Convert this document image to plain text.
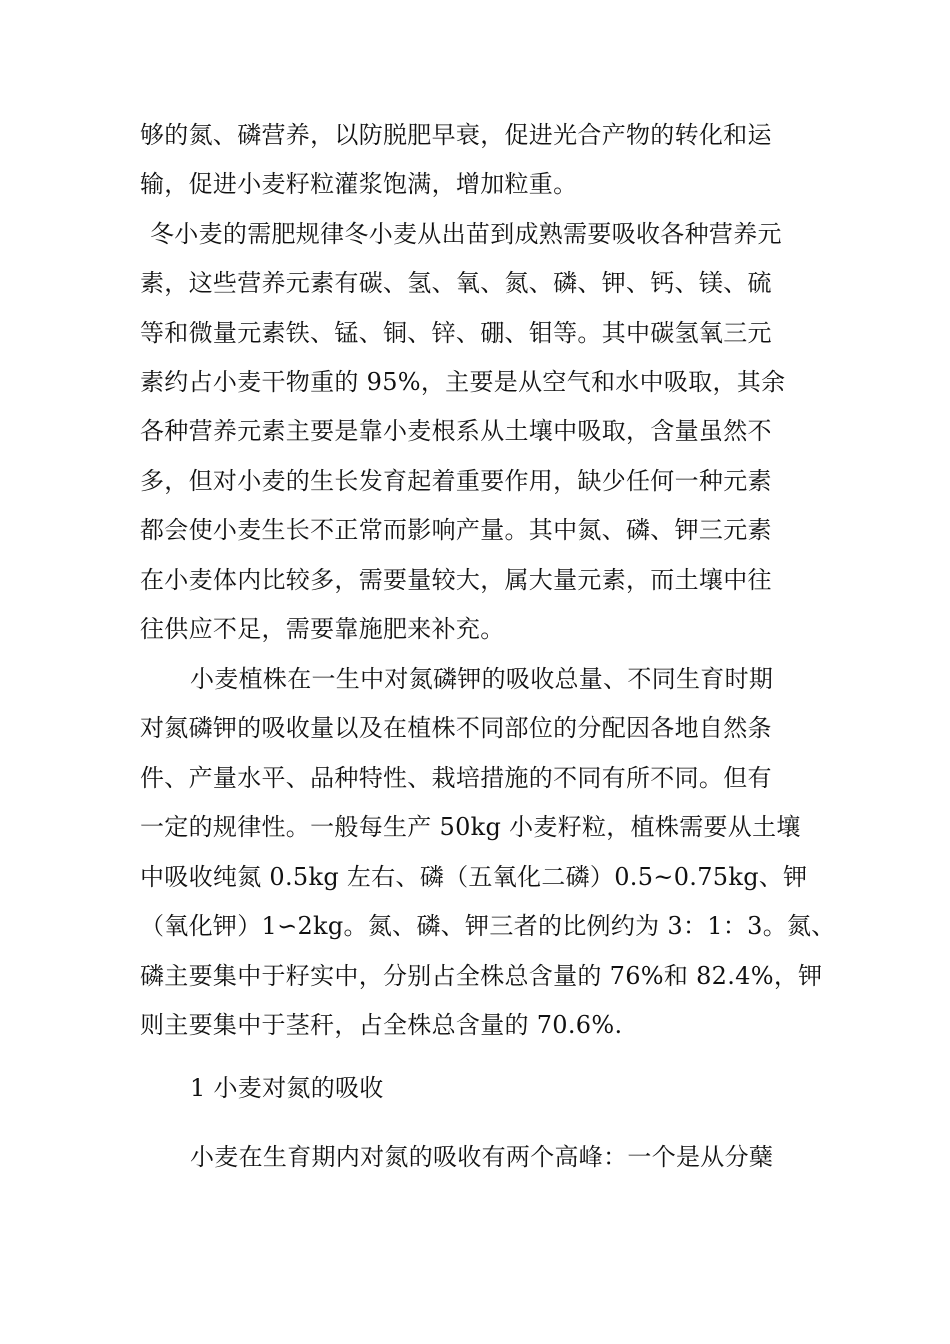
够的氮、磷营养，以防脱肥早衰，促进光合产物的转化和运
输，促进小麦籽粒灌浆饱满，增加粒重。
冬小麦的需肥规律冬小麦从出苗到成熟需要吸收各种营养元
素，这些营养元素有碳、氢、氧、氮、磷、钾、钙、镁、硫
等和微量元素铁、锰、铜、锌、硼、钼等。其中碳氢氧三元
素约占小麦干物重的 95%，主要是从空气和水中吸取，其余
各种营养元素主要是靠小麦根系从土壤中吸取，含量虽然不
多，但对小麦的生长发育起着重要作用，缺少任何一种元素
都会使小麦生长不正常而影响产量。其中氮、磷、钾三元素
在小麦体内比较多，需要量较大，属大量元素，而土壤中往
往供应不足，需要靠施肥来补充。
小麦植株在一生中对氮磷钾的吸收总量、不同生育时期
对氮磷钾的吸收量以及在植株不同部位的分配因各地自然条
件、产量水平、品种特性、栽培措施的不同有所不同。但有
一定的规律性。一般每生产 50kg 小麦籽粒，植株需要从土壤
中吸收纯氮 0.5kg 左右、磷（五氧化二磷）0.5~0.75kg、钾
（氧化钾）1∽2kg。氮、磷、钾三者的比例约为 3：1：3。氮、
磷主要集中于籽实中，分别占全株总含量的 76%和 82.4%，钾
则主要集中于茎秆，占全株总含量的 70.6%.
1 小麦对氮的吸收
小麦在生育期内对氮的吸收有两个高峰：一个是从分蘖
